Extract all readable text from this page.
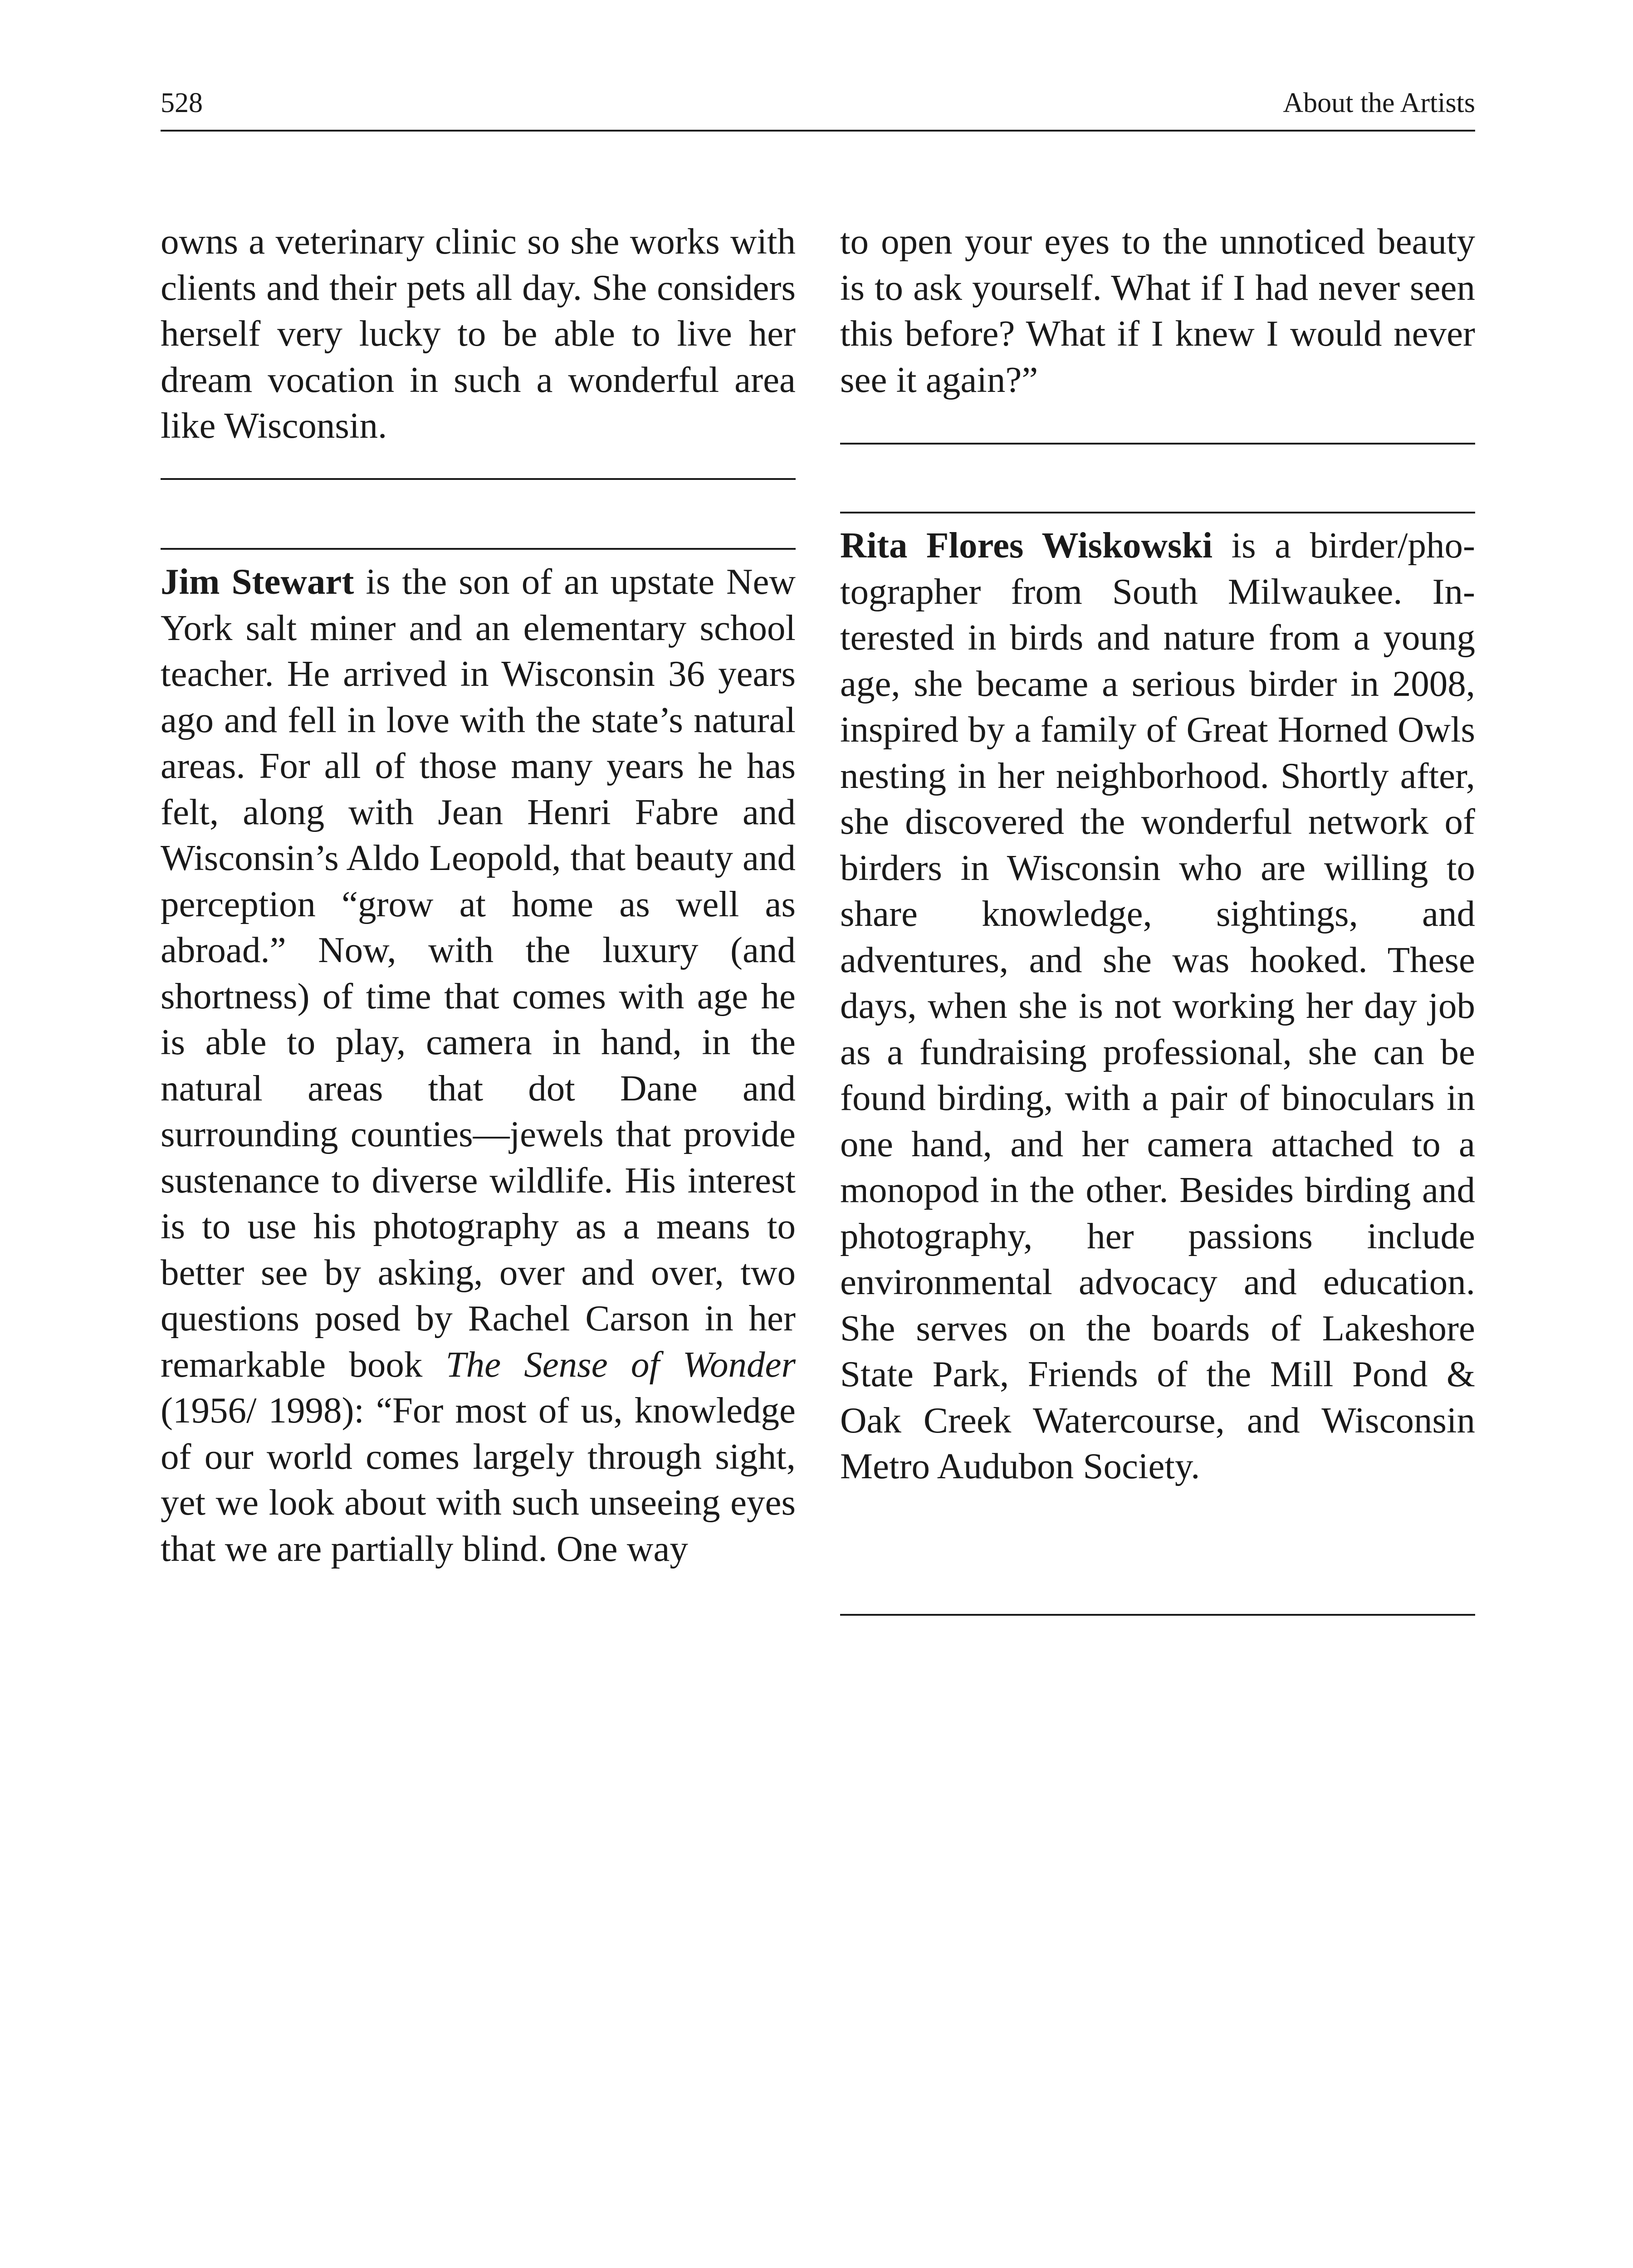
528	About the Artists

owns a veterinary clinic so she works with clients and their pets all day. She considers herself very lucky to be able to live her dream vocation in such a wonderful area like Wisconsin.

Jim Stewart is the son of an upstate New York salt miner and an elementary school teacher. He arrived in Wisconsin 36 years ago and fell in love with the state’s natural areas. For all of those many years he has felt, along with Jean Henri Fabre and Wisconsin’s Aldo Leopold, that beauty and perception “grow at home as well as abroad.” Now, with the luxury (and shortness) of time that comes with age he is able to play, camera in hand, in the natural areas that dot Dane and surrounding counties—jewels that provide sustenance to diverse wildlife. His interest is to use his photography as a means to better see by asking, over and over, two questions posed by Rachel Carson in her remarkable book The Sense of Wonder (1956/ 1998): “For most of us, knowledge of our world comes largely through sight, yet we look about with such unseeing eyes that we are partially blind. One way

to open your eyes to the unnoticed beauty is to ask yourself. What if I had never seen this before? What if I knew I would never see it again?”

Rita Flores Wiskowski is a birder/photographer from South Milwaukee. Interested in birds and nature from a young age, she became a serious birder in 2008, inspired by a family of Great Horned Owls nesting in her neighborhood. Shortly after, she discovered the wonderful network of birders in Wisconsin who are willing to share knowledge, sightings, and adventures, and she was hooked. These days, when she is not working her day job as a fundraising professional, she can be found birding, with a pair of binoculars in one hand, and her camera attached to a monopod in the other. Besides birding and photography, her passions include environmental advocacy and education. She serves on the boards of Lakeshore State Park, Friends of the Mill Pond & Oak Creek Watercourse, and Wisconsin Metro Audubon Society.
